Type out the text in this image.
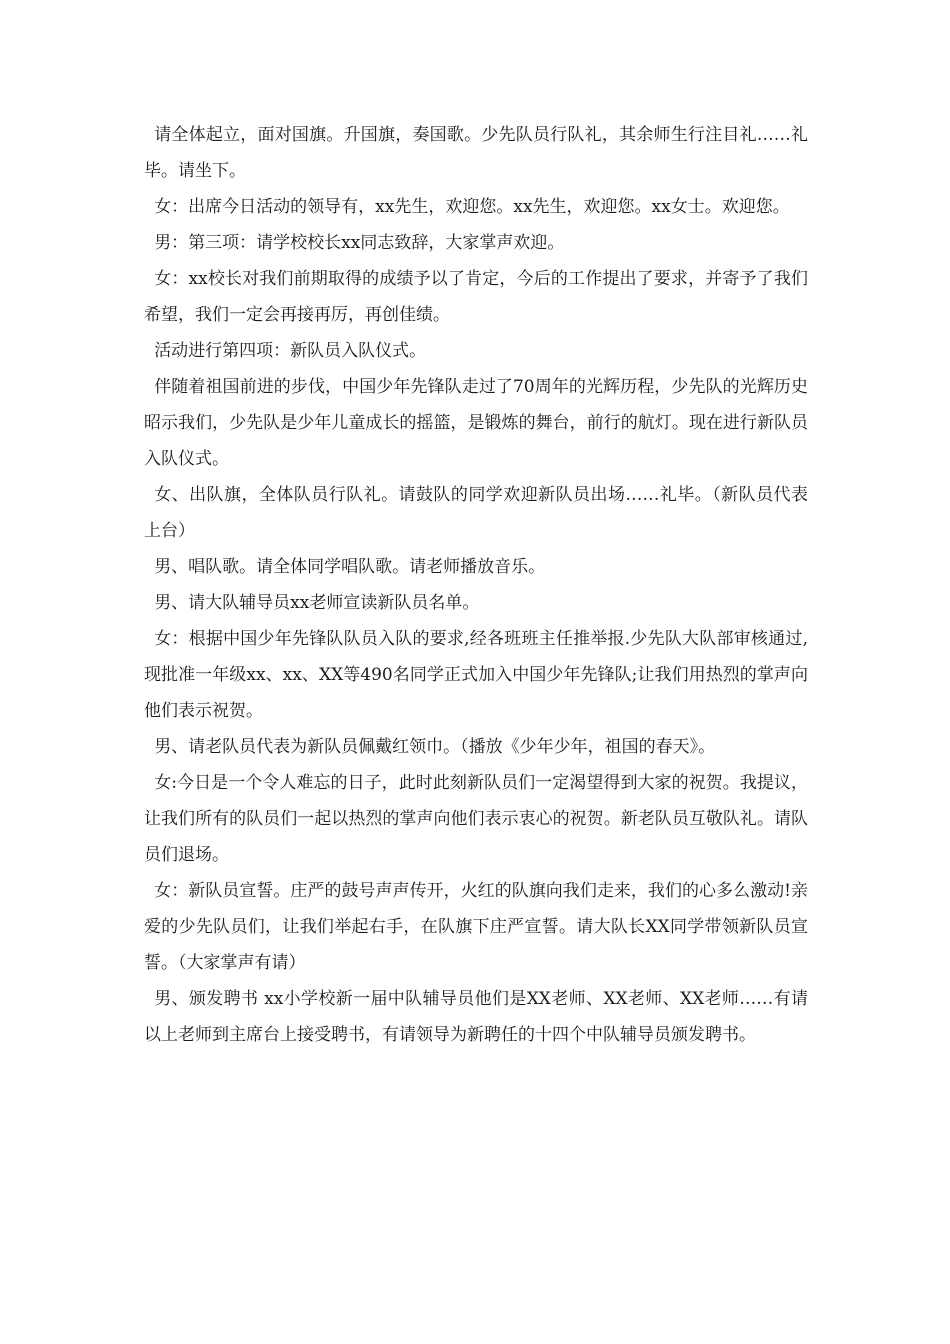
请全体起立，面对国旗。升国旗，奏国歌。少先队员行队礼，其余师生行注目礼……礼毕。请坐下。

女：出席今日活动的领导有，xx先生，欢迎您。xx先生，欢迎您。xx女士。欢迎您。

男：第三项：请学校校长xx同志致辞，大家掌声欢迎。

女：xx校长对我们前期取得的成绩予以了肯定，今后的工作提出了要求，并寄予了我们希望，我们一定会再接再厉，再创佳绩。

活动进行第四项：新队员入队仪式。

伴随着祖国前进的步伐，中国少年先锋队走过了70周年的光辉历程，少先队的光辉历史昭示我们，少先队是少年儿童成长的摇篮，是锻炼的舞台，前行的航灯。现在进行新队员入队仪式。

女、出队旗，全体队员行队礼。请鼓队的同学欢迎新队员出场……礼毕。（新队员代表上台）

男、唱队歌。请全体同学唱队歌。请老师播放音乐。

男、请大队辅导员xx老师宣读新队员名单。

女：根据中国少年先锋队队员入队的要求,经各班班主任推举报.少先队大队部审核通过,现批准一年级xx、xx、XX等490名同学正式加入中国少年先锋队;让我们用热烈的掌声向他们表示祝贺。

男、请老队员代表为新队员佩戴红领巾。（播放《少年少年，祖国的春天》。

女:今日是一个令人难忘的日子，此时此刻新队员们一定渴望得到大家的祝贺。我提议，让我们所有的队员们一起以热烈的掌声向他们表示衷心的祝贺。新老队员互敬队礼。请队员们退场。

女：新队员宣誓。庄严的鼓号声声传开，火红的队旗向我们走来，我们的心多么激动!亲爱的少先队员们，让我们举起右手，在队旗下庄严宣誓。请大队长XX同学带领新队员宣誓。（大家掌声有请）

男、颁发聘书 xx小学校新一届中队辅导员他们是XX老师、XX老师、XX老师……有请以上老师到主席台上接受聘书，有请领导为新聘任的十四个中队辅导员颁发聘书。
